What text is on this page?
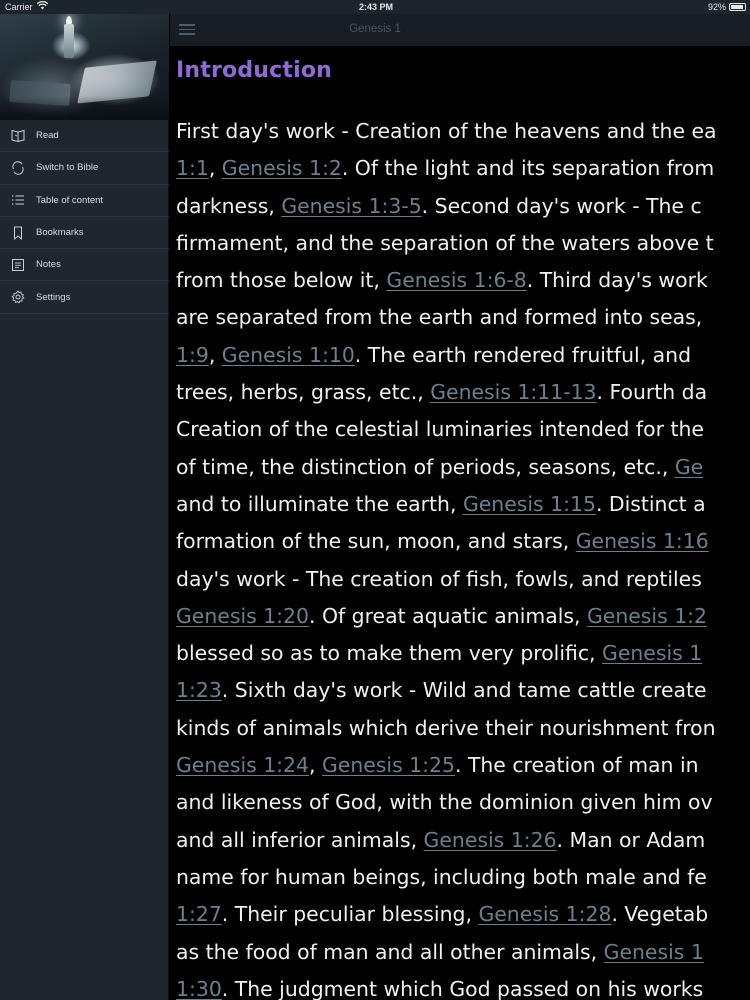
Carrier	2:43 PM	92%
Read
Switch to Bible
Table of content
Bookmarks
Notes
Settings
Genesis 1
Introduction
First day's work - Creation of the heavens and the ea
1:1, Genesis 1:2. Of the light and its separation from
darkness, Genesis 1:3-5. Second day's work - The c
firmament, and the separation of the waters above t
from those below it, Genesis 1:6-8. Third day's work
are separated from the earth and formed into seas,
1:9, Genesis 1:10. The earth rendered fruitful, and
trees, herbs, grass, etc., Genesis 1:11-13. Fourth da
Creation of the celestial luminaries intended for the
of time, the distinction of periods, seasons, etc., Ge
and to illuminate the earth, Genesis 1:15. Distinct a
formation of the sun, moon, and stars, Genesis 1:16
day's work - The creation of fish, fowls, and reptiles
Genesis 1:20. Of great aquatic animals, Genesis 1:2
blessed so as to make them very prolific, Genesis 1
1:23. Sixth day's work - Wild and tame cattle create
kinds of animals which derive their nourishment fron
Genesis 1:24, Genesis 1:25. The creation of man in
and likeness of God, with the dominion given him ov
and all inferior animals, Genesis 1:26. Man or Adam
name for human beings, including both male and fe
1:27. Their peculiar blessing, Genesis 1:28. Vegetab
as the food of man and all other animals, Genesis 1
1:30. The judgment which God passed on his works
